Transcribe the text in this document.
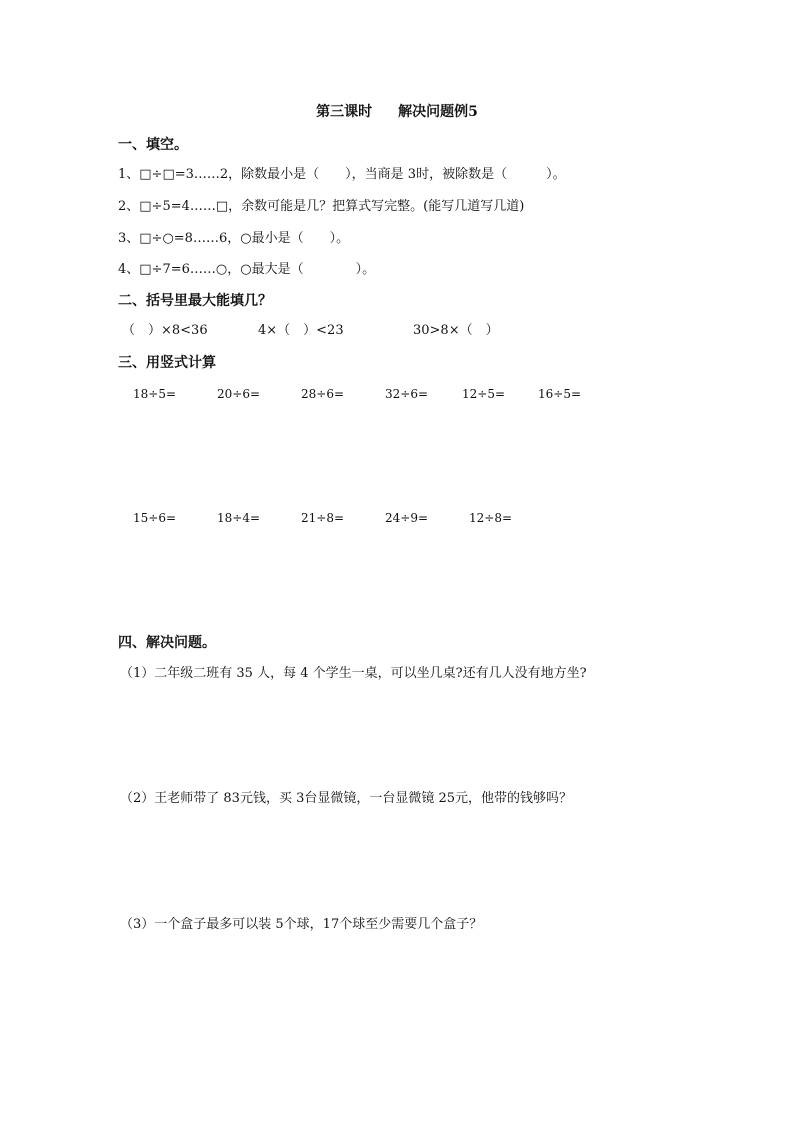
第三课时 解决问题例5
一、填空。
1、□÷□=3……2，除数最小是（　　），当商是 3时，被除数是（　　　）。
2、□÷5=4……□，余数可能是几？把算式写完整。(能写几道写几道)
3、□÷○=8……6，○最小是（　　）。
4、□÷7=6……○，○最大是（　　　　）。
二、括号里最大能填几？
（　）×8<36	4×（　）<23	30>8×（　）
三、用竖式计算
18÷5=	20÷6=	28÷6=	32÷6=	12÷5=	16÷5=
15÷6=	18÷4=	21÷8=	24÷9=	12÷8=
四、解决问题。
（1）二年级二班有 35 人，每 4 个学生一桌，可以坐几桌?还有几人没有地方坐?
（2）王老师带了 83元钱，买 3台显微镜，一台显微镜 25元，他带的钱够吗？
（3）一个盒子最多可以装 5个球，17个球至少需要几个盒子？
